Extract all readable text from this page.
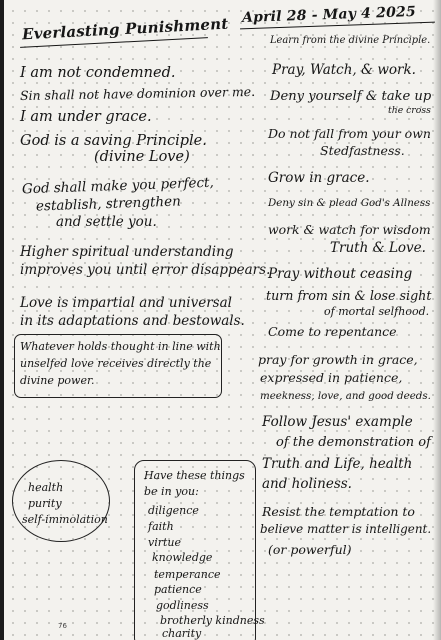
Everlasting Punishment April 28 - May 4 2025
I am not condemned.
Sin shall not have dominion over me.
I am under grace.
God is a saving Principle.
(divine Love)
God shall make you perfect,
establish, strengthen
and settle you.
Higher spiritual understanding
improves you until error disappears.
Love is impartial and universal
in its adaptations and bestowals.
Whatever holds thought in line with
unselfed love receives directly the
divine power.
health
purity
self-immolation
Have these things
be in you:
diligence
faith
virtue
knowledge
temperance
patience
godliness
brotherly kindness
charity
Learn from the divine Principle.
Pray, Watch, & work.
Deny yourself & take up
the cross
Do not fall from your own
Stedfastness.
Grow in grace.
Deny sin & plead God's Allness
work & watch for wisdom
Truth & Love.
Pray without ceasing
turn from sin & lose sight
of mortal selfhood.
Come to repentance
pray for growth in grace,
expressed in patience,
meekness, love, and good deeds.
Follow Jesus' example
of the demonstration of
Truth and Life, health
and holiness.
Resist the temptation to
believe matter is intelligent.
(or powerful)
76
